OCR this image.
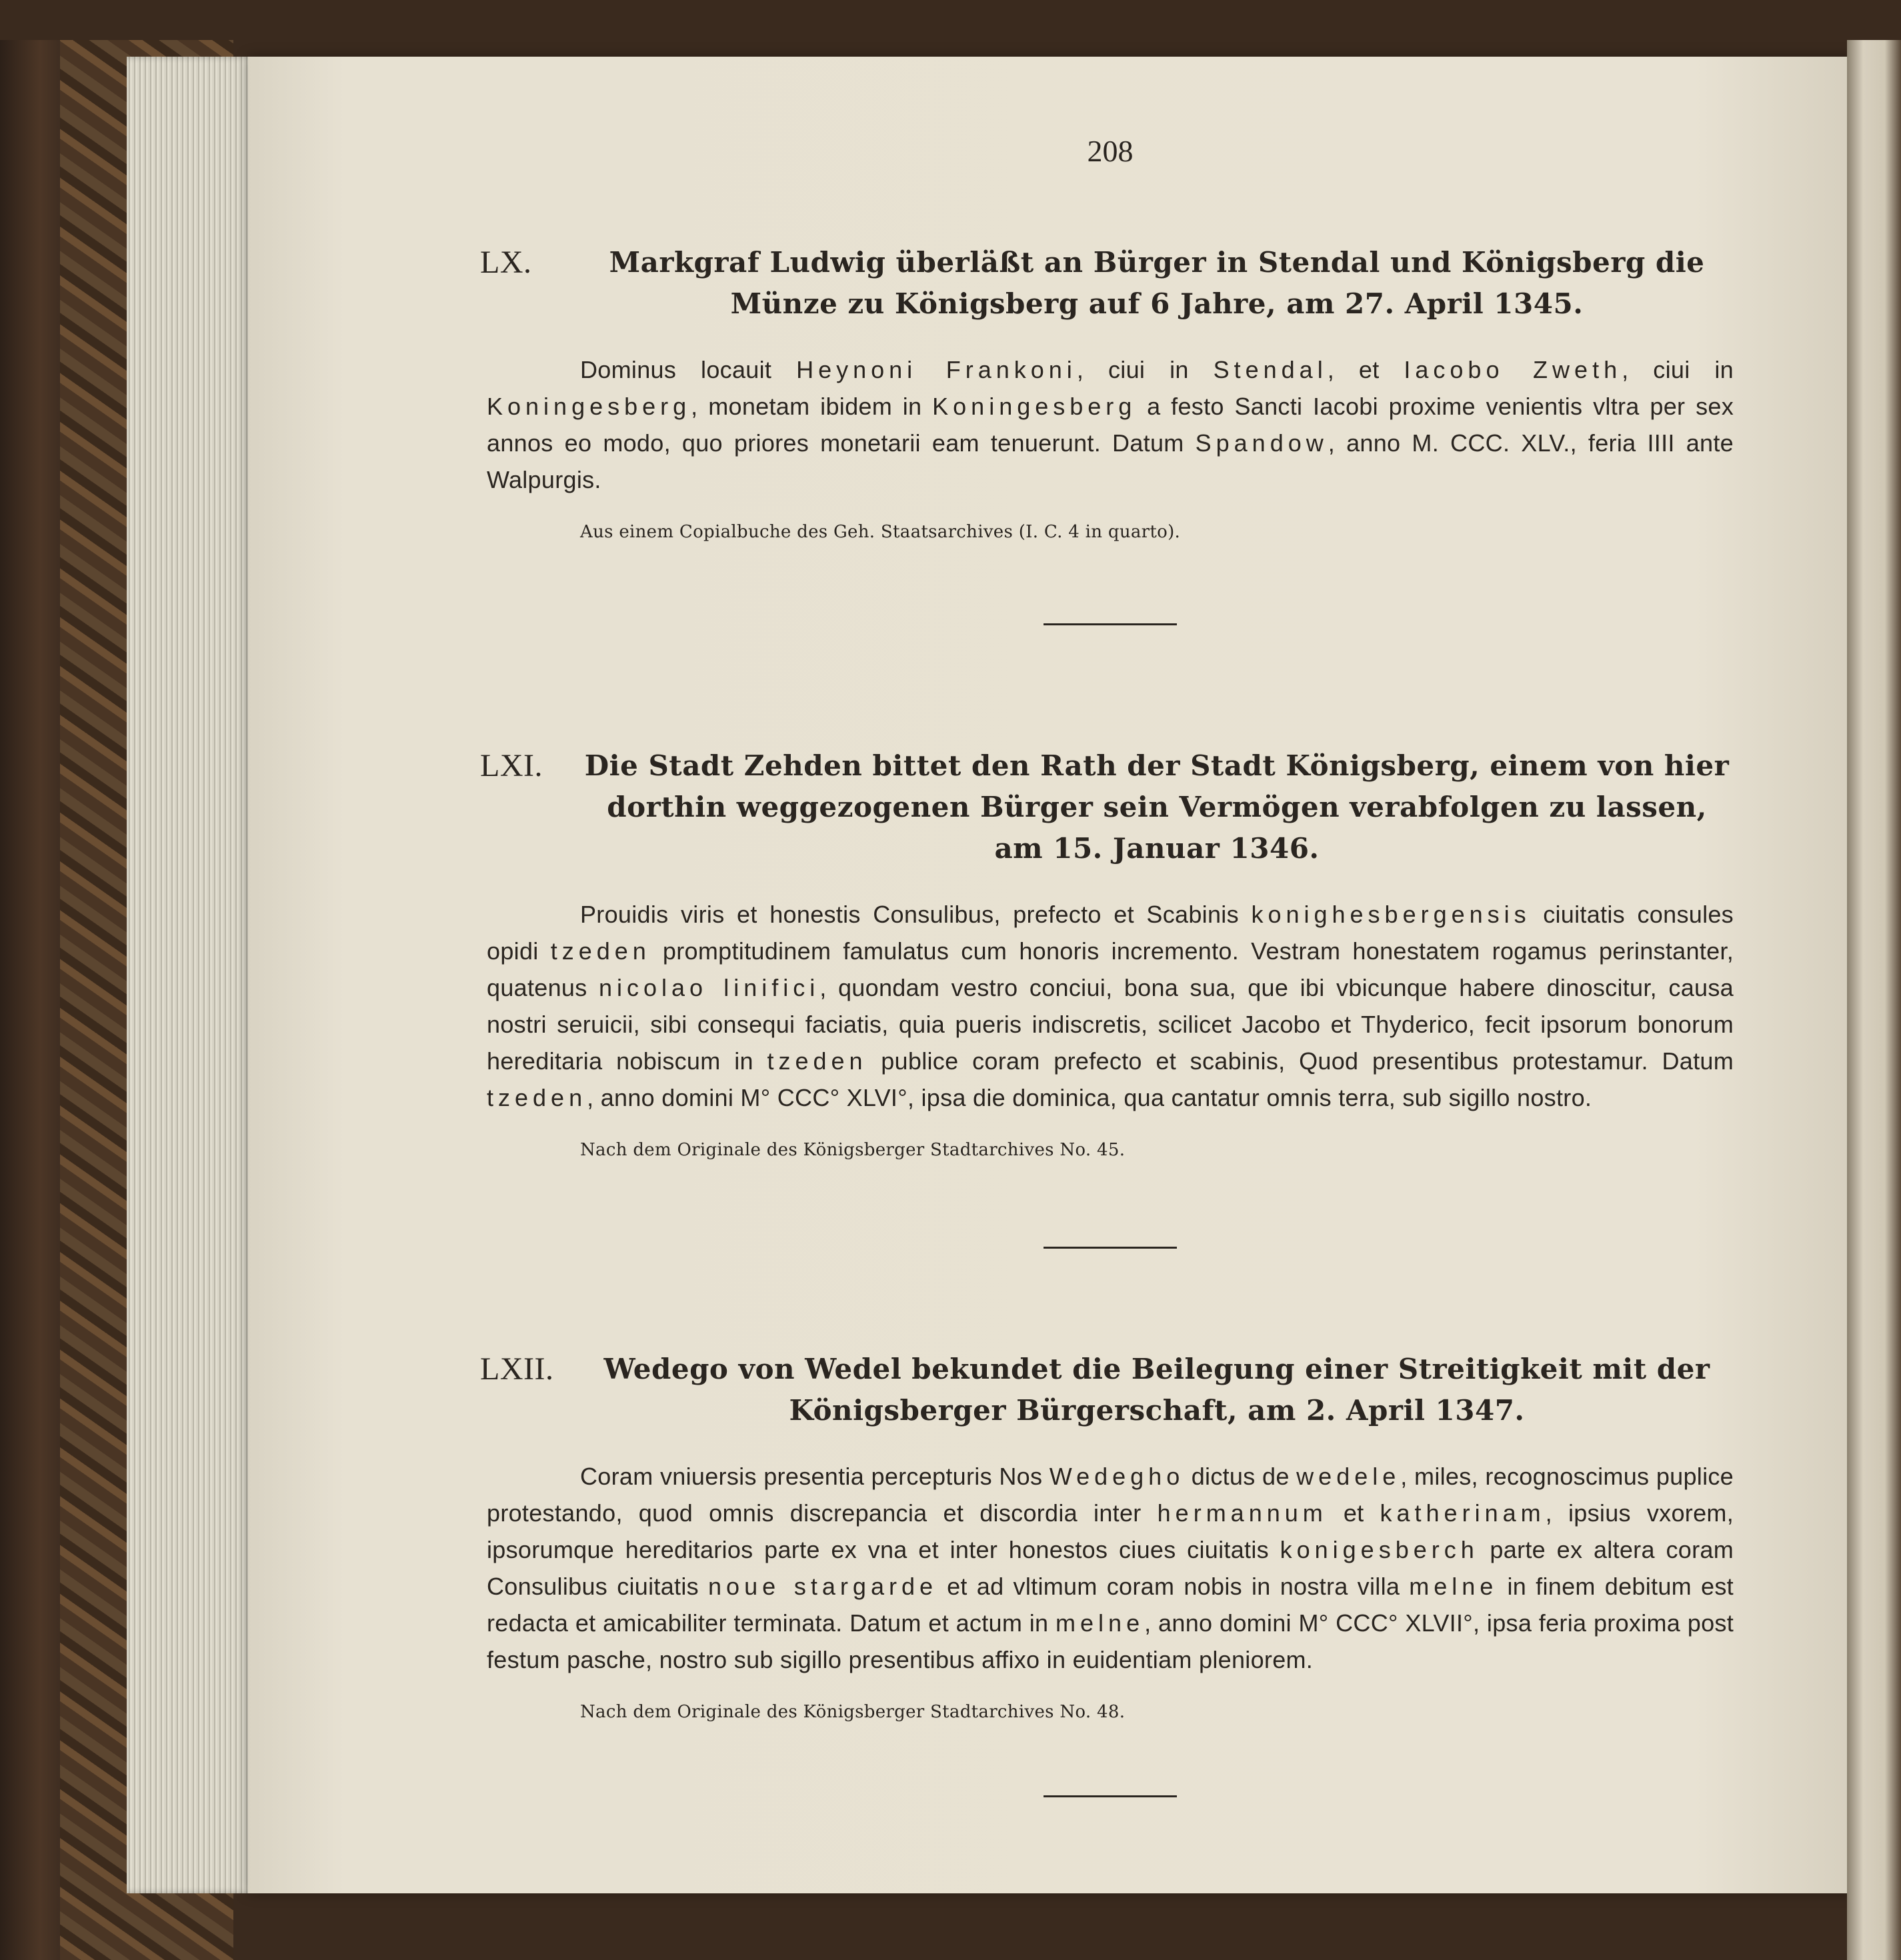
208
LX.	Markgraf Ludwig überläßt an Bürger in Stendal und Königsberg die Münze zu Königsberg auf 6 Jahre, am 27. April 1345.

Dominus locauit Heynoni Frankoni, ciui in Stendal, et Iacobo Zweth, ciui in Koningesberg, monetam ibidem in Koningesberg a festo Sancti Iacobi proxime venientis vltra per sex annos eo modo, quo priores monetarii eam tenuerunt. Datum Spandow, anno M. CCC. XLV., feria IIII ante Walpurgis.

Aus einem Copialbuche des Geh. Staatsarchives (I. C. 4 in quarto).
LXI.	Die Stadt Zehden bittet den Rath der Stadt Königsberg, einem von hier dorthin weggezogenen Bürger sein Vermögen verabfolgen zu lassen, am 15. Januar 1346.

Prouidis viris et honestis Consulibus, prefecto et Scabinis konighesbergensis ciuitatis consules opidi tzeden promptitudinem famulatus cum honoris incremento. Vestram honestatem rogamus perinstanter, quatenus nicolao linifici, quondam vestro conciui, bona sua, que ibi vbicunque habere dinoscitur, causa nostri seruicii, sibi consequi faciatis, quia pueris indiscretis, scilicet Jacobo et Thyderico, fecit ipsorum bonorum hereditaria nobiscum in tzeden publice coram prefecto et scabinis, Quod presentibus protestamur. Datum tzeden, anno domini M° CCC° XLVI°, ipsa die dominica, qua cantatur omnis terra, sub sigillo nostro.

Nach dem Originale des Königsberger Stadtarchives No. 45.
LXII.	Wedego von Wedel bekundet die Beilegung einer Streitigkeit mit der Königsberger Bürgerschaft, am 2. April 1347.

Coram vniuersis presentia percepturis Nos Wedegho dictus de wedele, miles, recognoscimus puplice protestando, quod omnis discrepancia et discordia inter hermannum et katherinam, ipsius vxorem, ipsorumque hereditarios parte ex vna et inter honestos ciues ciuitatis konigesberch parte ex altera coram Consulibus ciuitatis noue stargarde et ad vltimum coram nobis in nostra villa melne in finem debitum est redacta et amicabiliter terminata. Datum et actum in melne, anno domini M° CCC° XLVII°, ipsa feria proxima post festum pasche, nostro sub sigillo presentibus affixo in euidentiam pleniorem.

Nach dem Originale des Königsberger Stadtarchives No. 48.
